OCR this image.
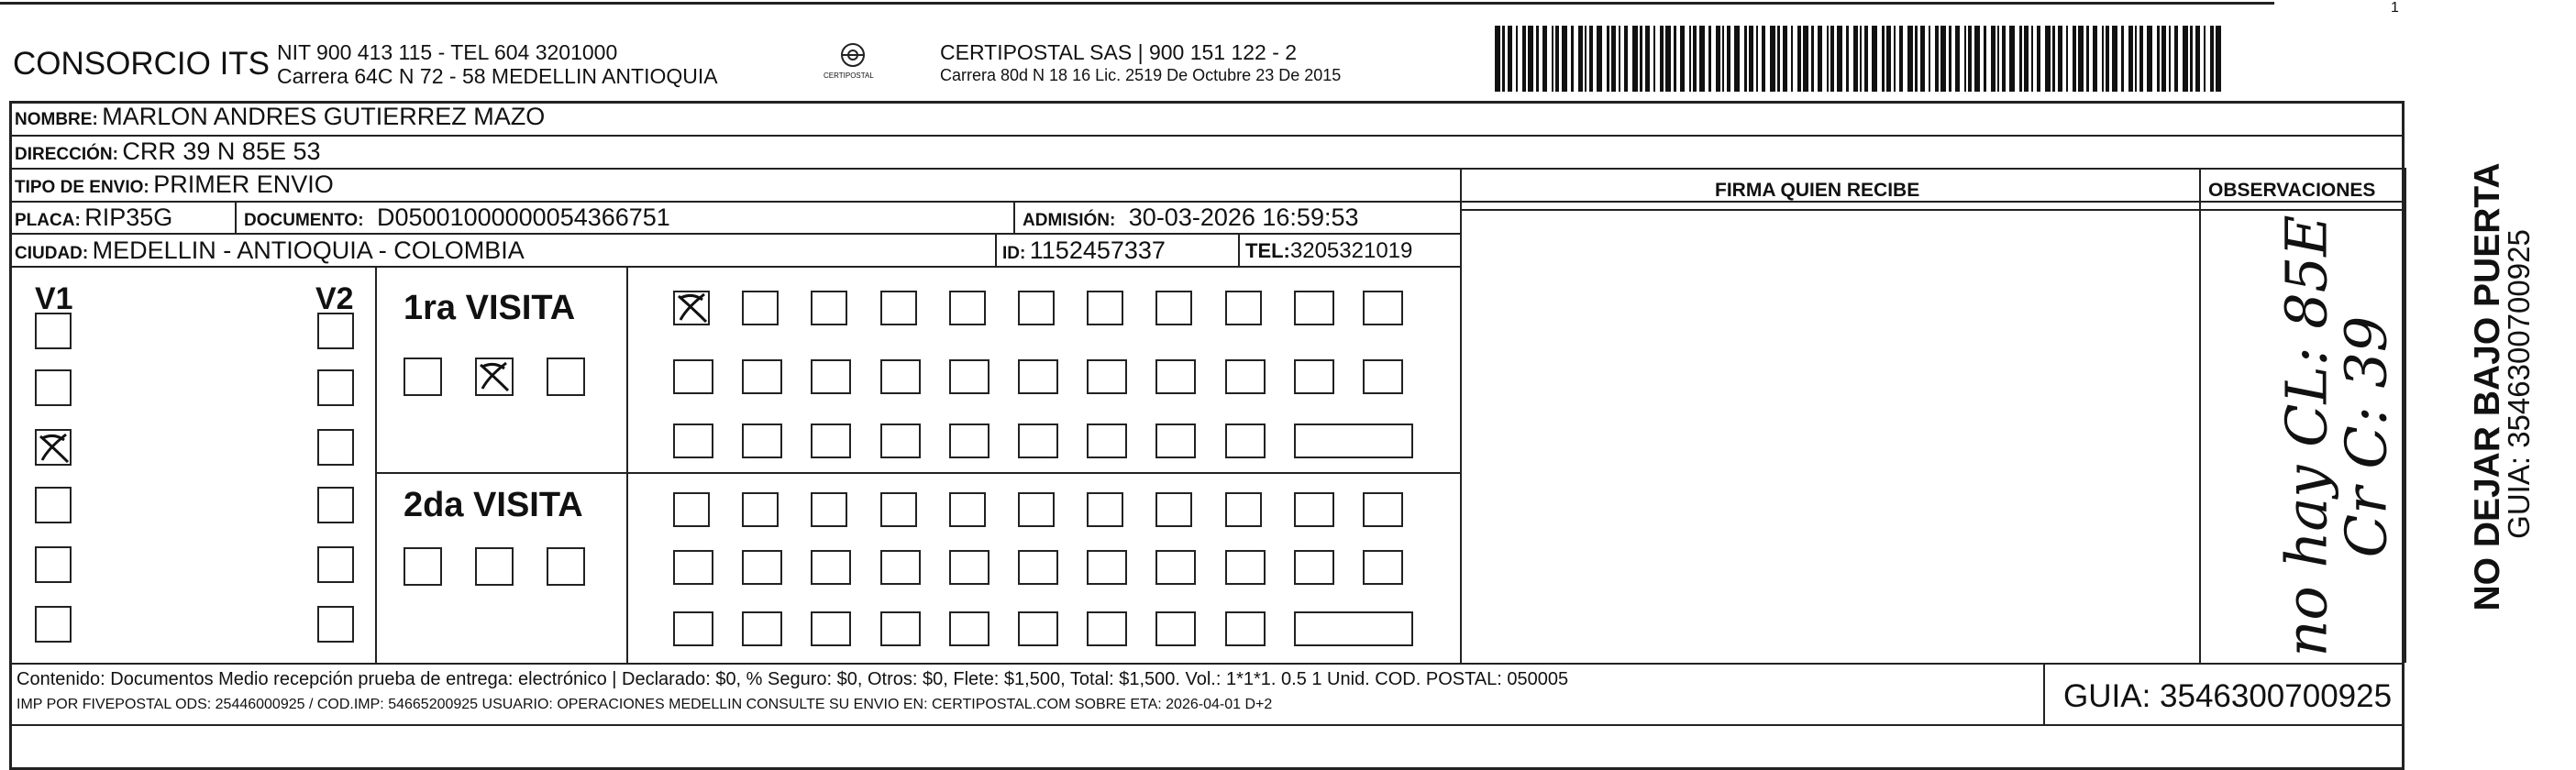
1
CONSORCIO ITS NIT 900 413 115 - TEL 604 3201000
Carrera 64C N 72 - 58 MEDELLIN ANTIOQUIA	CERTIPOSTAL
CERTIPOSTAL SAS | 900 151 122 - 2
Carrera 80d N 18 16 Lic. 2519 De Octubre 23 De 2015
NOMBRE: MARLON ANDRES GUTIERREZ MAZO
DIRECCIÓN: CRR 39 N 85E 53
TIPO DE ENVIO: PRIMER ENVIO
PLACA: RIP35G	DOCUMENTO: D05001000000054366751	ADMISIÓN: 30-03-2026 16:59:53
CIUDAD: MEDELLIN - ANTIOQUIA - COLOMBIA	ID: 1152457337	TEL:3205321019
FIRMA QUIEN RECIBE	OBSERVACIONES
no hay CL: 85E
Cr C: 39 NO DEJAR BAJO PUERTA
GUIA: 3546300700925
V1	V2 1ra VISITA
2da VISITA
Contenido: Documentos Medio recepción prueba de entrega: electrónico | Declarado: $0, % Seguro: $0, Otros: $0, Flete: $1,500, Total: $1,500. Vol.: 1*1*1. 0.5 1 Unid. COD. POSTAL: 050005
IMP POR FIVEPOSTAL ODS: 25446000925 / COD.IMP: 54665200925 USUARIO: OPERACIONES MEDELLIN CONSULTE SU ENVIO EN: CERTIPOSTAL.COM SOBRE ETA: 2026-04-01 D+2	GUIA: 3546300700925
